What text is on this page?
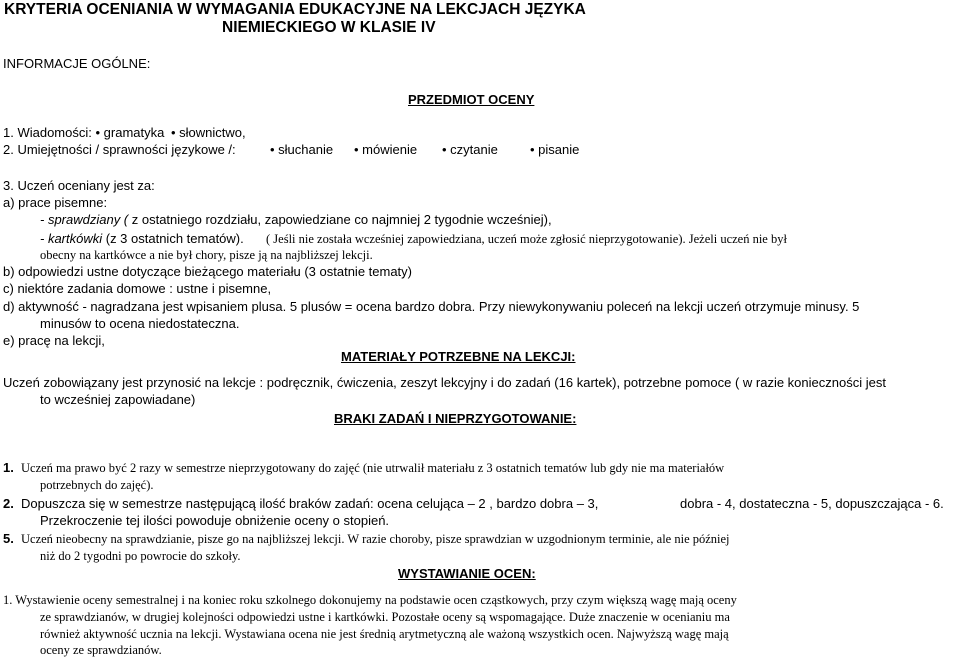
KRYTERIA OCENIANIA W WYMAGANIA EDUKACYJNE NA LEKCJACH JĘZYKA
NIEMIECKIEGO W KLASIE IV
INFORMACJE OGÓLNE:
PRZEDMIOT OCENY
1. Wiadomości: • gramatyka • słownictwo,
2. Umiejętności / sprawności językowe /:	• słuchanie • mówienie • czytanie • pisanie
3. Uczeń oceniany jest za:
a) prace pisemne:
- sprawdziany ( z ostatniego rozdziału, zapowiedziane co najmniej 2 tygodnie wcześniej),
- kartkówki (z 3 ostatnich tematów). ( Jeśli nie została wcześniej zapowiedziana, uczeń może zgłosić nieprzygotowanie). Jeżeli uczeń nie był
obecny na kartkówce a nie był chory, pisze ją na najbliższej lekcji.
b) odpowiedzi ustne dotyczące bieżącego materiału (3 ostatnie tematy)
c) niektóre zadania domowe : ustne i pisemne,
d) aktywność - nagradzana jest wpisaniem plusa. 5 plusów = ocena bardzo dobra. Przy niewykonywaniu poleceń na lekcji uczeń otrzymuje minusy. 5
minusów to ocena niedostateczna.
e) pracę na lekcji,
MATERIAŁY POTRZEBNE NA LEKCJI:
Uczeń zobowiązany jest przynosić na lekcje : podręcznik, ćwiczenia, zeszyt lekcyjny i do zadań (16 kartek), potrzebne pomoce ( w razie konieczności jest
to wcześniej zapowiadane)
BRAKI ZADAŃ I NIEPRZYGOTOWANIE:
1. Uczeń ma prawo być 2 razy w semestrze nieprzygotowany do zajęć (nie utrwalił materiału z 3 ostatnich tematów lub gdy nie ma materiałów
potrzebnych do zajęć).
2. Dopuszcza się w semestrze następującą ilość braków zadań: ocena celująca – 2 , bardzo dobra – 3,	dobra - 4, dostateczna - 5, dopuszczająca - 6.
Przekroczenie tej ilości powoduje obniżenie oceny o stopień.
5. Uczeń nieobecny na sprawdzianie, pisze go na najbliższej lekcji. W razie choroby, pisze sprawdzian w uzgodnionym terminie, ale nie później
niż do 2 tygodni po powrocie do szkoły.
WYSTAWIANIE OCEN:
1. Wystawienie oceny semestralnej i na koniec roku szkolnego dokonujemy na podstawie ocen cząstkowych, przy czym większą wagę mają oceny
ze sprawdzianów, w drugiej kolejności odpowiedzi ustne i kartkówki. Pozostałe oceny są wspomagające. Duże znaczenie w ocenianiu ma
również aktywność ucznia na lekcji. Wystawiana ocena nie jest średnią arytmetyczną ale ważoną wszystkich ocen. Najwyższą wagę mają
oceny ze sprawdzianów.
